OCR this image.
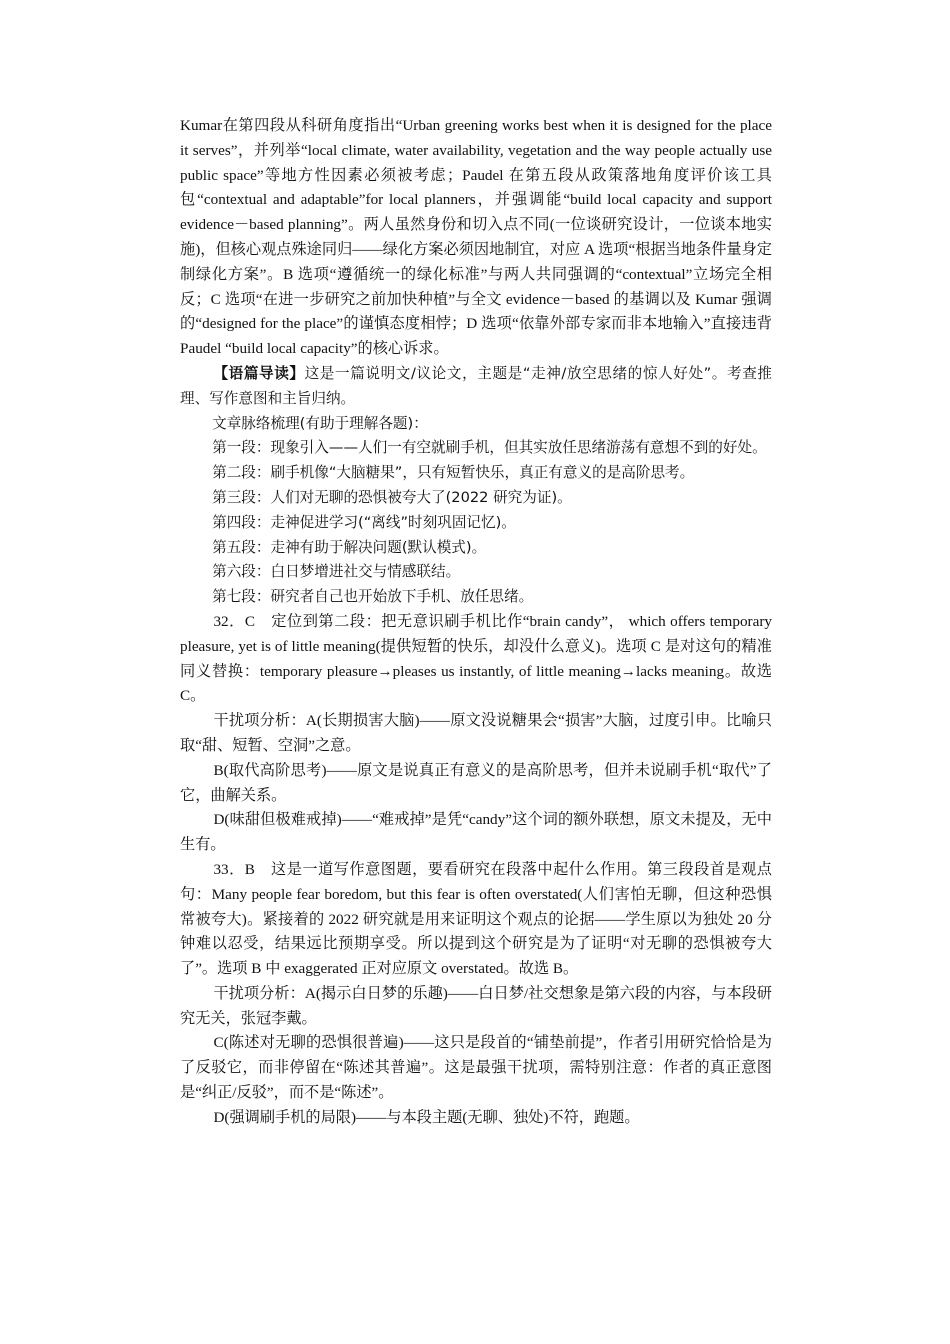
Kumar在第四段从科研角度指出“Urban greening works best when it is designed for the place it serves”，并列举“local climate, water availability, vegetation and the way people actually use public space”等地方性因素必须被考虑；Paudel 在第五段从政策落地角度评价该工具包“contextual and adaptable”for local planners，并强调能“build local capacity and support evidence－based planning”。两人虽然身份和切入点不同(一位谈研究设计，一位谈本地实施)，但核心观点殊途同归——绿化方案必须因地制宜，对应 A 选项“根据当地条件量身定制绿化方案”。B 选项“遵循统一的绿化标准”与两人共同强调的“contextual”立场完全相反；C 选项“在进一步研究之前加快种植”与全文 evidence－based 的基调以及 Kumar 强调的“designed for the place”的谨慎态度相悖；D 选项“依靠外部专家而非本地输入”直接违背 Paudel “build local capacity”的核心诉求。

【语篇导读】这是一篇说明文/议论文，主题是“走神/放空思绪的惊人好处”。考查推理、写作意图和主旨归纳。

文章脉络梳理(有助于理解各题)：

第一段：现象引入——人们一有空就刷手机，但其实放任思绪游荡有意想不到的好处。

第二段：刷手机像“大脑糖果”，只有短暂快乐，真正有意义的是高阶思考。

第三段：人们对无聊的恐惧被夸大了(2022 研究为证)。

第四段：走神促进学习(“离线”时刻巩固记忆)。

第五段：走神有助于解决问题(默认模式)。

第六段：白日梦增进社交与情感联结。

第七段：研究者自己也开始放下手机、放任思绪。

32．C　定位到第二段：把无意识刷手机比作“brain candy”， which offers temporary pleasure, yet is of little meaning(提供短暂的快乐，却没什么意义)。选项 C 是对这句的精准同义替换：temporary pleasure→pleases us instantly, of little meaning→lacks meaning。故选 C。

干扰项分析：A(长期损害大脑)——原文没说糖果会“损害”大脑，过度引申。比喻只取“甜、短暂、空洞”之意。

B(取代高阶思考)——原文是说真正有意义的是高阶思考，但并未说刷手机“取代”了它，曲解关系。

D(味甜但极难戒掉)——“难戒掉”是凭“candy”这个词的额外联想，原文未提及，无中生有。

33．B　这是一道写作意图题，要看研究在段落中起什么作用。第三段段首是观点句：Many people fear boredom, but this fear is often overstated(人们害怕无聊，但这种恐惧常被夸大)。紧接着的 2022 研究就是用来证明这个观点的论据——学生原以为独处 20 分钟难以忍受，结果远比预期享受。所以提到这个研究是为了证明“对无聊的恐惧被夸大了”。选项 B 中 exaggerated 正对应原文 overstated。故选 B。

干扰项分析：A(揭示白日梦的乐趣)——白日梦/社交想象是第六段的内容，与本段研究无关，张冠李戴。

C(陈述对无聊的恐惧很普遍)——这只是段首的“铺垫前提”，作者引用研究恰恰是为了反驳它，而非停留在“陈述其普遍”。这是最强干扰项，需特别注意：作者的真正意图是“纠正/反驳”，而不是“陈述”。

D(强调刷手机的局限)——与本段主题(无聊、独处)不符，跑题。
